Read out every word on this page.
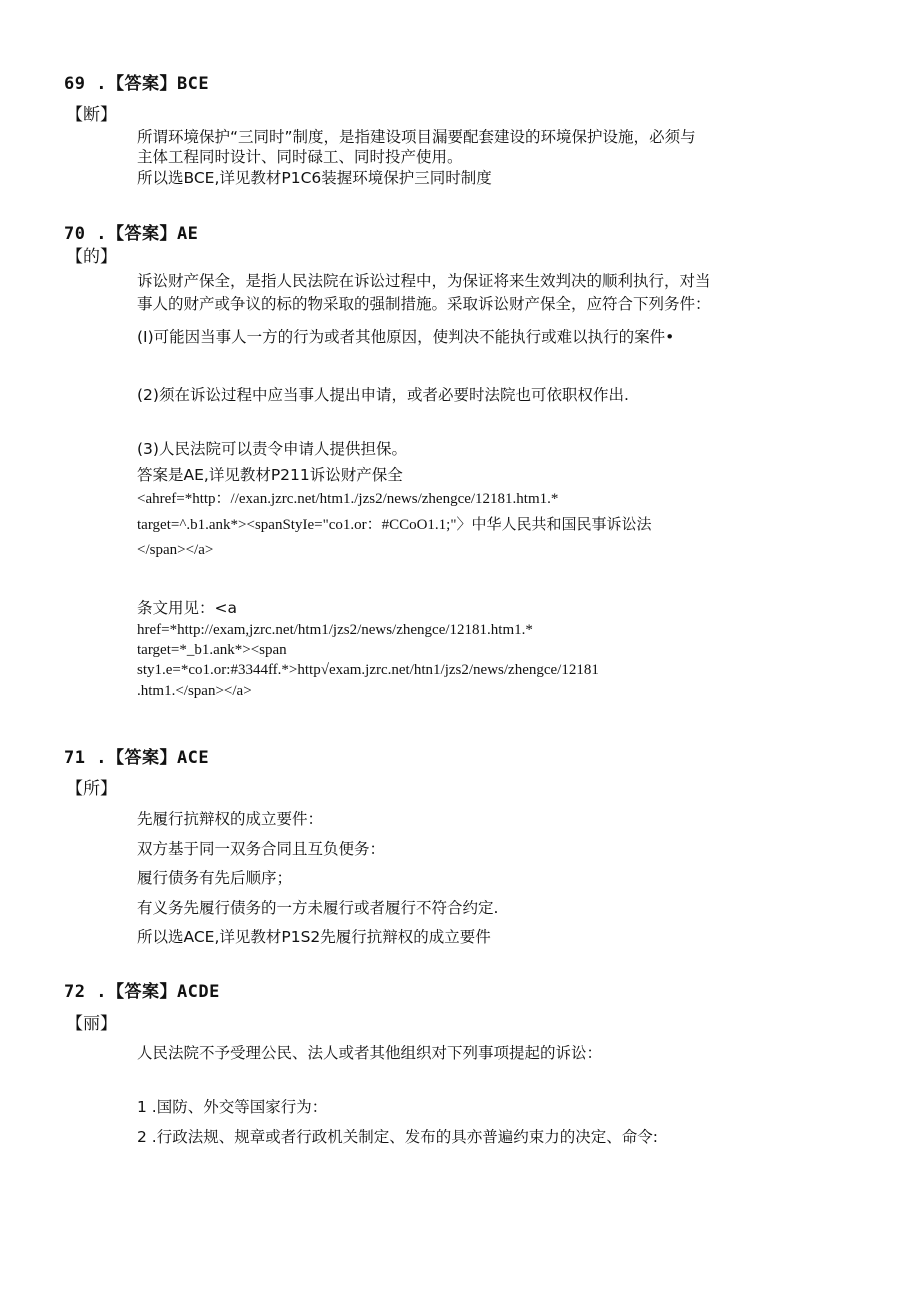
69 .【答案】BCE
【断】
所谓环境保护“三同时”制度，是指建设项目漏要配套建设的环境保护设施，必须与
主体工程同时设计、同时碌工、同时投产使用。
所以选BCE,详见教材P1C6装握环境保护三同时制度
70 .【答案】AE
【的】
诉讼财产保全，是指人民法院在诉讼过程中，为保证将来生效判决的顺利执行，对当
事人的财产或争议的标的物采取的强制措施。采取诉讼财产保全，应符合下列务件：
(I)可能因当事人一方的行为或者其他原因，使判决不能执行或难以执行的案件•
(2)须在诉讼过程中应当事人提出申请，或者必要时法院也可依职权作出.
(3)人民法院可以责令申请人提供担保。
答案是AE,详见教材P211诉讼财产保全
<ahref=*http：//exan.jzrc.net/htm1./jzs2/news/zhengce/12181.htm1.*
target=^.b1.ank*><spanStyIe="co1.or：#CCoO1.1;"〉中华人民共和国民事诉讼法
</span></a>
条文用见：<a
href=*http://exam,jzrc.net/htm1/jzs2/news/zhengce/12181.htm1.*
target=*_b1.ank*><span
sty1.e=*co1.or:#3344ff.*>http√exam.jzrc.net/htn1/jzs2/news/zhengce/12181
.htm1.</span></a>
71 .【答案】ACE
【所】
先履行抗辩权的成立要件：
双方基于同一双务合同且互负便务：
履行债务有先后顺序；
有义务先履行债务的一方未履行或者履行不符合约定.
所以选ACE,详见教材P1S2先履行抗辩权的成立要件
72 .【答案】ACDE
【丽】
人民法院不予受理公民、法人或者其他组织对下列事项提起的诉讼：
1 .国防、外交等国家行为：
2 .行政法规、规章或者行政机关制定、发布的具亦普遍约束力的决定、命令:
